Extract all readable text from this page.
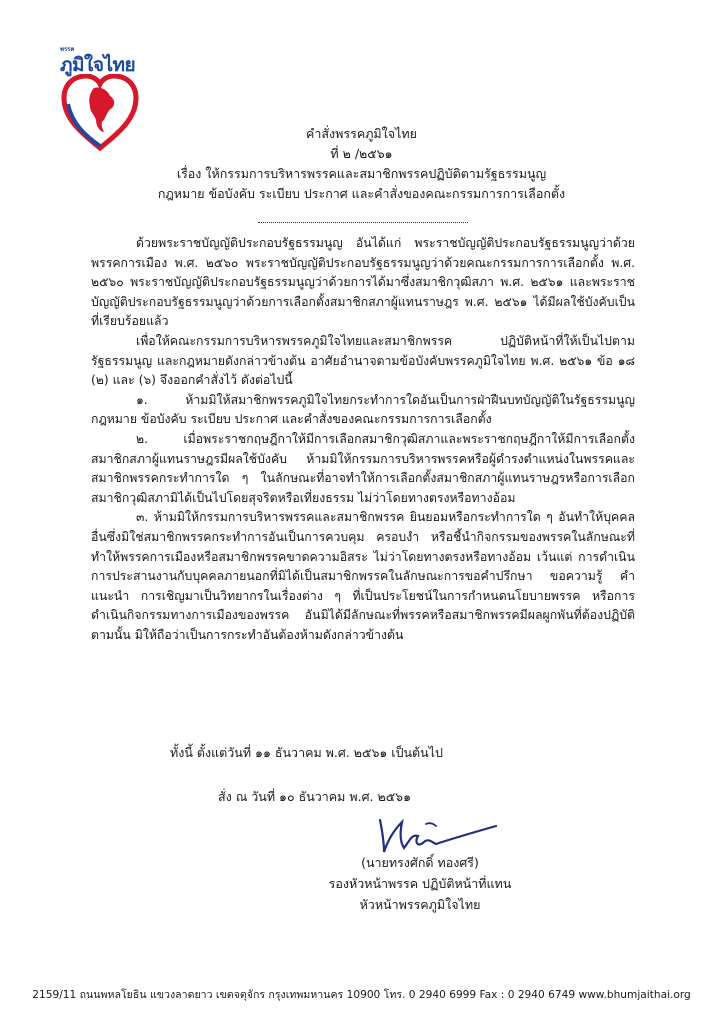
พรรค
ภูมิใจไทย
คำสั่งพรรคภูมิใจไทย
ที่ ๒ /๒๕๖๑
เรื่อง ให้กรรมการบริหารพรรคและสมาชิกพรรคปฏิบัติตามรัฐธรรมนูญ
กฎหมาย ข้อบังคับ ระเบียบ ประกาศ และคำสั่งของคณะกรรมการการเลือกตั้ง

ด้วยพระราชบัญญัติประกอบรัฐธรรมนูญ อันได้แก่ พระราชบัญญัติประกอบรัฐธรรมนูญว่าด้วยพรรคการเมือง พ.ศ. ๒๕๖๐ พระราชบัญญัติประกอบรัฐธรรมนูญว่าด้วยคณะกรรมการการเลือกตั้ง พ.ศ. ๒๕๖๐ พระราชบัญญัติประกอบรัฐธรรมนูญว่าด้วยการได้มาซึ่งสมาชิกวุฒิสภา พ.ศ. ๒๕๖๑ และพระราชบัญญัติประกอบรัฐธรรมนูญว่าด้วยการเลือกตั้งสมาชิกสภาผู้แทนราษฎร พ.ศ. ๒๕๖๑ ได้มีผลใช้บังคับเป็นที่เรียบร้อยแล้ว

เพื่อให้คณะกรรมการบริหารพรรคภูมิใจไทยและสมาชิกพรรค ปฏิบัติหน้าที่ให้เป็นไปตามรัฐธรรมนูญ และกฎหมายดังกล่าวข้างต้น อาศัยอำนาจตามข้อบังคับพรรคภูมิใจไทย พ.ศ. ๒๕๖๑ ข้อ ๑๘ (๒) และ (๖) จึงออกคำสั่งไว้ ดังต่อไปนี้

๑. ห้ามมิให้สมาชิกพรรคภูมิใจไทยกระทำการใดอันเป็นการฝ่าฝืนบทบัญญัติในรัฐธรรมนูญ กฎหมาย ข้อบังคับ ระเบียบ ประกาศ และคำสั่งของคณะกรรมการการเลือกตั้ง

๒. เมื่อพระราชกฤษฎีกาให้มีการเลือกสมาชิกวุฒิสภาและพระราชกฤษฎีกาให้มีการเลือกตั้งสมาชิกสภาผู้แทนราษฎรมีผลใช้บังคับ ห้ามมิให้กรรมการบริหารพรรคหรือผู้ดำรงตำแหน่งในพรรคและสมาชิกพรรคกระทำการใด ๆ ในลักษณะที่อาจทำให้การเลือกตั้งสมาชิกสภาผู้แทนราษฎรหรือการเลือกสมาชิกวุฒิสภามิได้เป็นไปโดยสุจริตหรือเที่ยงธรรม ไม่ว่าโดยทางตรงหรือทางอ้อม

๓. ห้ามมิให้กรรมการบริหารพรรคและสมาชิกพรรค ยินยอมหรือกระทำการใด ๆ อันทำให้บุคคลอื่นซึ่งมิใช่สมาชิกพรรคกระทำการอันเป็นการควบคุม ครอบงำ หรือชี้นำกิจกรรมของพรรคในลักษณะที่ทำให้พรรคการเมืองหรือสมาชิกพรรคขาดความอิสระ ไม่ว่าโดยทางตรงหรือทางอ้อม เว้นแต่ การดำเนินการประสานงานกับบุคคลภายนอกที่มิได้เป็นสมาชิกพรรคในลักษณะการขอคำปรึกษา ขอความรู้ คำแนะนำ การเชิญมาเป็นวิทยากรในเรื่องต่าง ๆ ที่เป็นประโยชน์ในการกำหนดนโยบายพรรค หรือการดำเนินกิจกรรมทางการเมืองของพรรค อันมิได้มีลักษณะที่พรรคหรือสมาชิกพรรคมีผลผูกพันที่ต้องปฏิบัติตามนั้น มิให้ถือว่าเป็นการกระทำอันต้องห้ามดังกล่าวข้างต้น

ทั้งนี้ ตั้งแต่วันที่ ๑๑ ธันวาคม พ.ศ. ๒๕๖๑ เป็นต้นไป
สั่ง ณ วันที่ ๑๐ ธันวาคม พ.ศ. ๒๕๖๑
(นายทรงศักดิ์ ทองศรี)
รองหัวหน้าพรรค ปฏิบัติหน้าที่แทน
หัวหน้าพรรคภูมิใจไทย
2159/11 ถนนพหลโยธิน แขวงลาดยาว เขตจตุจักร กรุงเทพมหานคร 10900 โทร. 0 2940 6999 Fax : 0 2940 6749 www.bhumjaithai.org
